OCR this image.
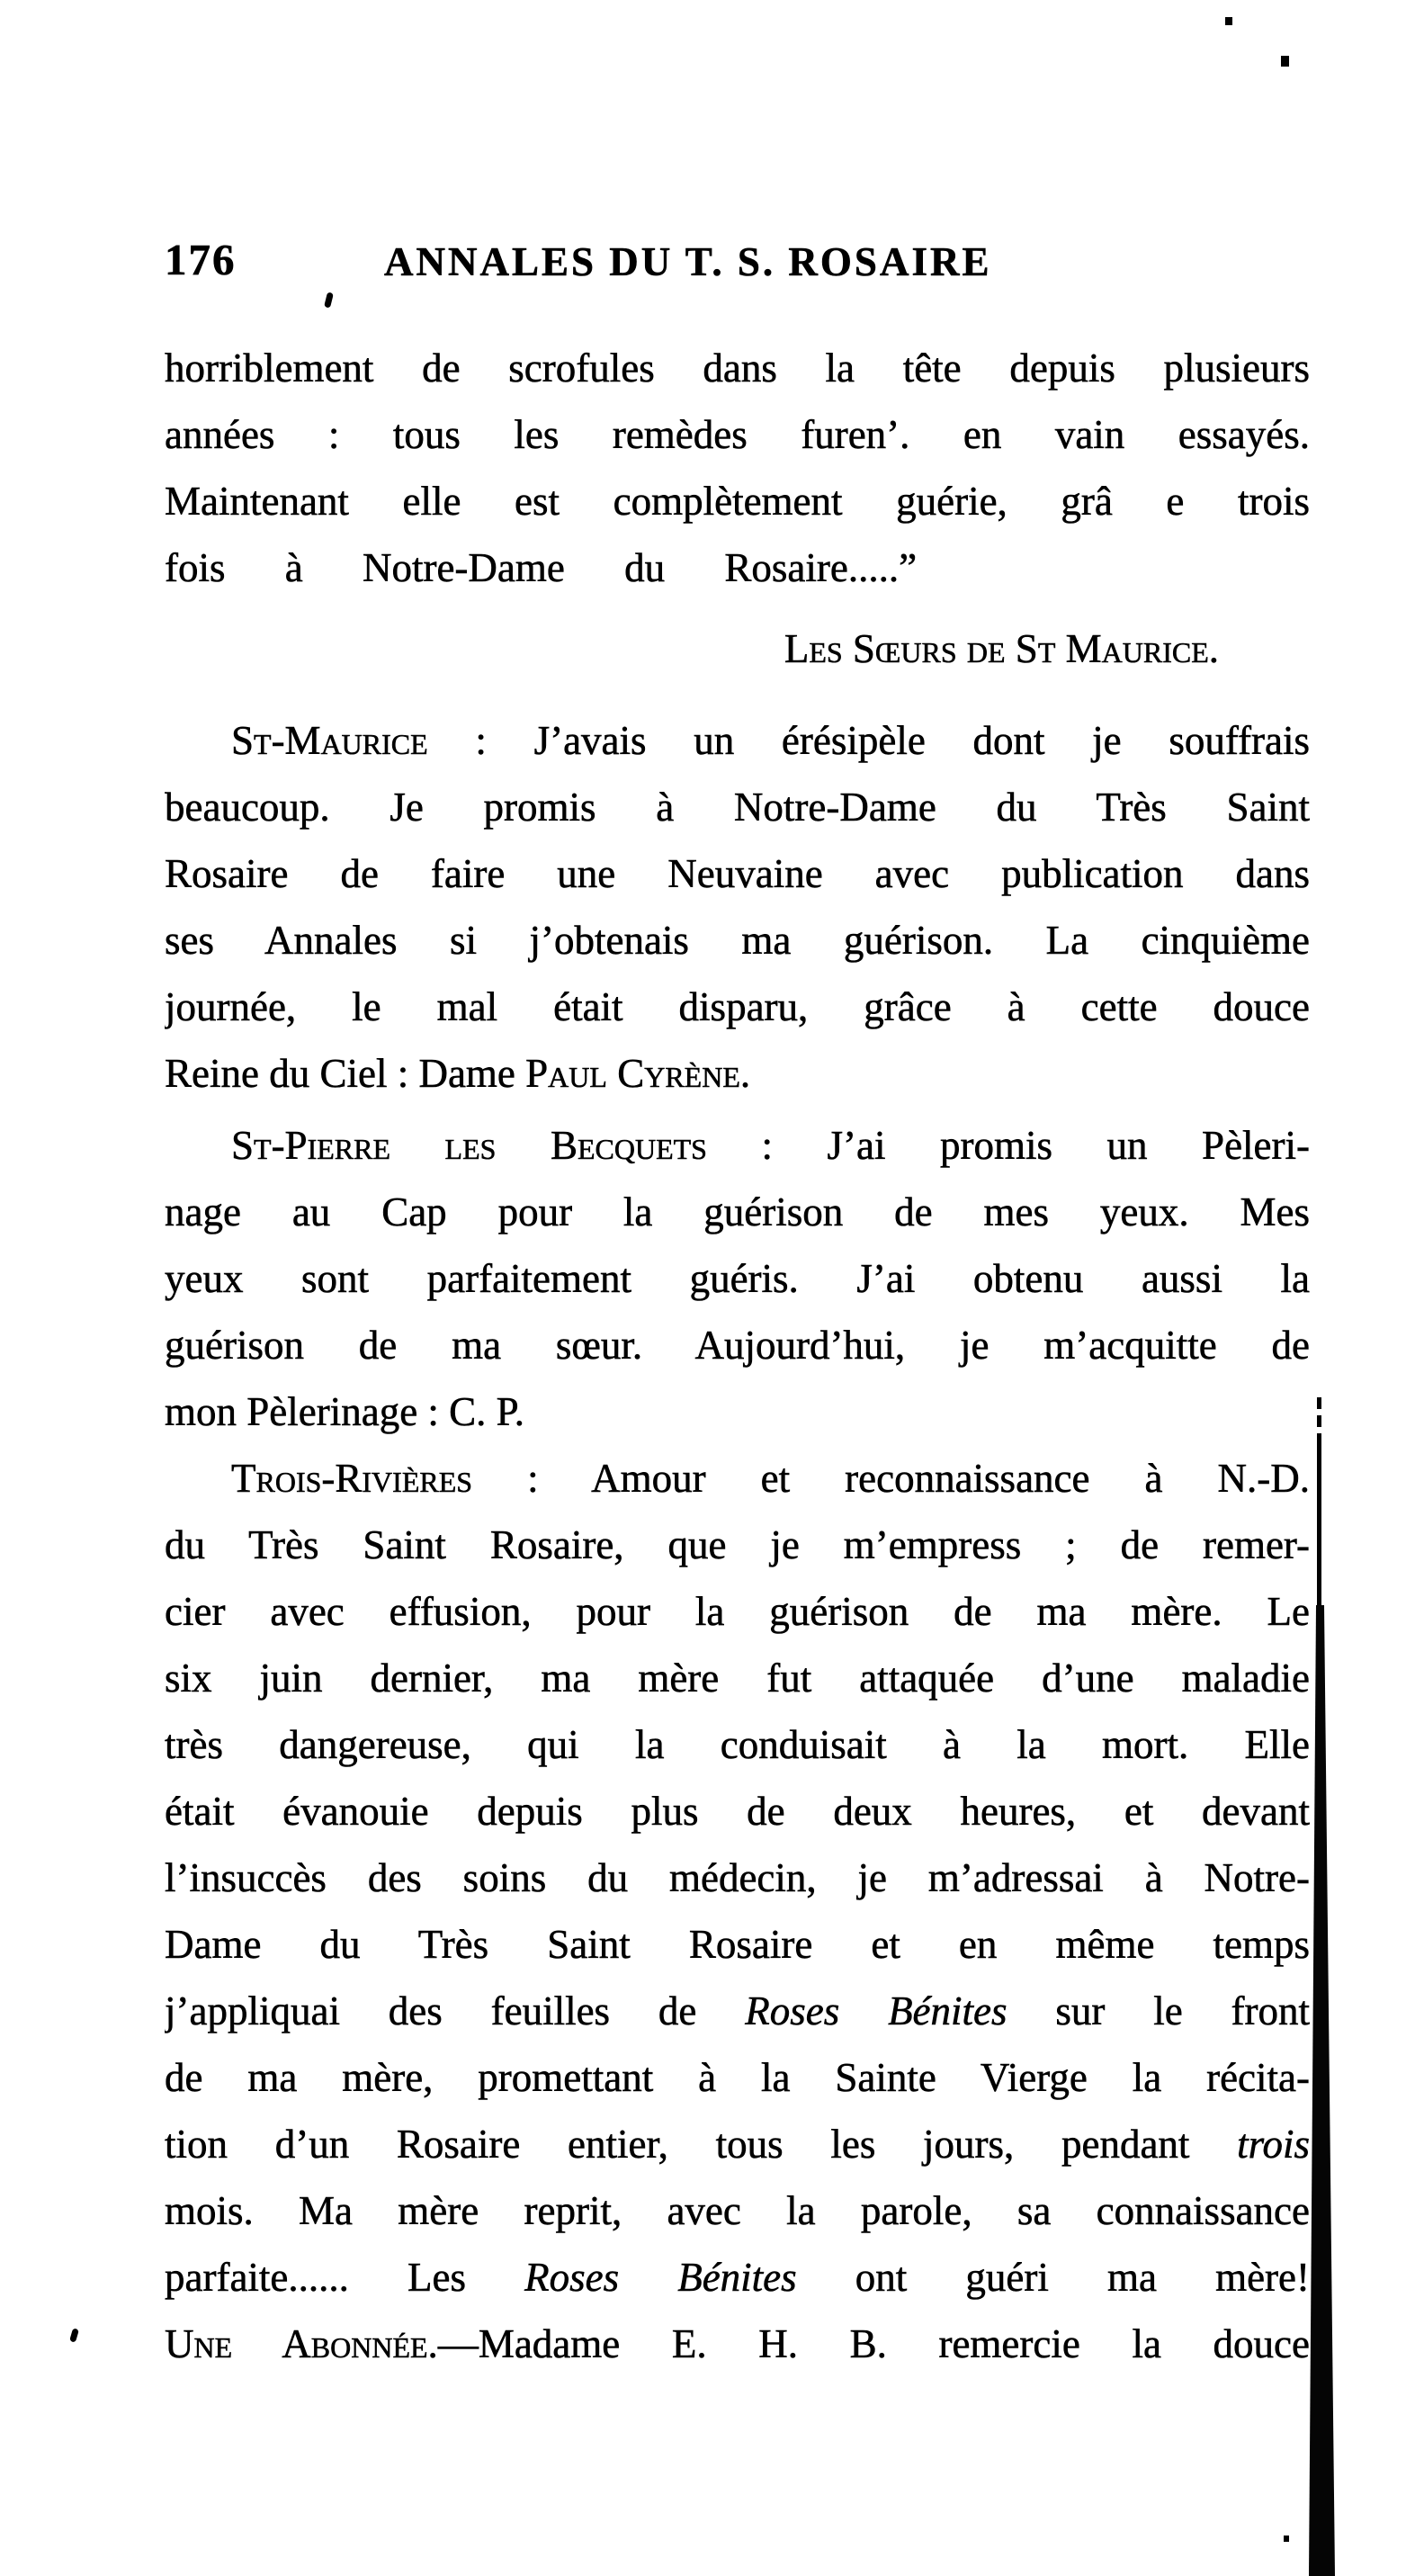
176	ANNALES DU T. S. ROSAIRE
horriblement de scrofules dans la tête depuis plusieurs
années : tous les remèdes furen’. en vain essayés.
Maintenant elle est complètement guérie, grâ e trois
fois à Notre-Dame du Rosaire.....”
Les Sœurs de St Maurice.
St-Maurice : J’avais un érésipèle dont je souffrais
beaucoup. Je promis à Notre-Dame du Très Saint
Rosaire de faire une Neuvaine avec publication dans
ses Annales si j’obtenais ma guérison. La cinquième
journée, le mal était disparu, grâce à cette douce
Reine du Ciel : Dame Paul Cyrène.
St-Pierre les Becquets : J’ai promis un Pèleri-
nage au Cap pour la guérison de mes yeux. Mes
yeux sont parfaitement guéris. J’ai obtenu aussi la
guérison de ma sœur. Aujourd’hui, je m’acquitte de
mon Pèlerinage : C. P.
Trois-Rivières : Amour et reconnaissance à N.-D.
du Très Saint Rosaire, que je m’empress ; de remer-
cier avec effusion, pour la guérison de ma mère. Le
six juin dernier, ma mère fut attaquée d’une maladie
très dangereuse, qui la conduisait à la mort. Elle
était évanouie depuis plus de deux heures, et devant
l’insuccès des soins du médecin, je m’adressai à Notre-
Dame du Très Saint Rosaire et en même temps
j’appliquai des feuilles de Roses Bénites sur le front
de ma mère, promettant à la Sainte Vierge la récita-
tion d’un Rosaire entier, tous les jours, pendant trois
mois. Ma mère reprit, avec la parole, sa connaissance
parfaite...... Les Roses Bénites ont guéri ma mère!
Une Abonnée.—Madame E. H. B. remercie la douce
